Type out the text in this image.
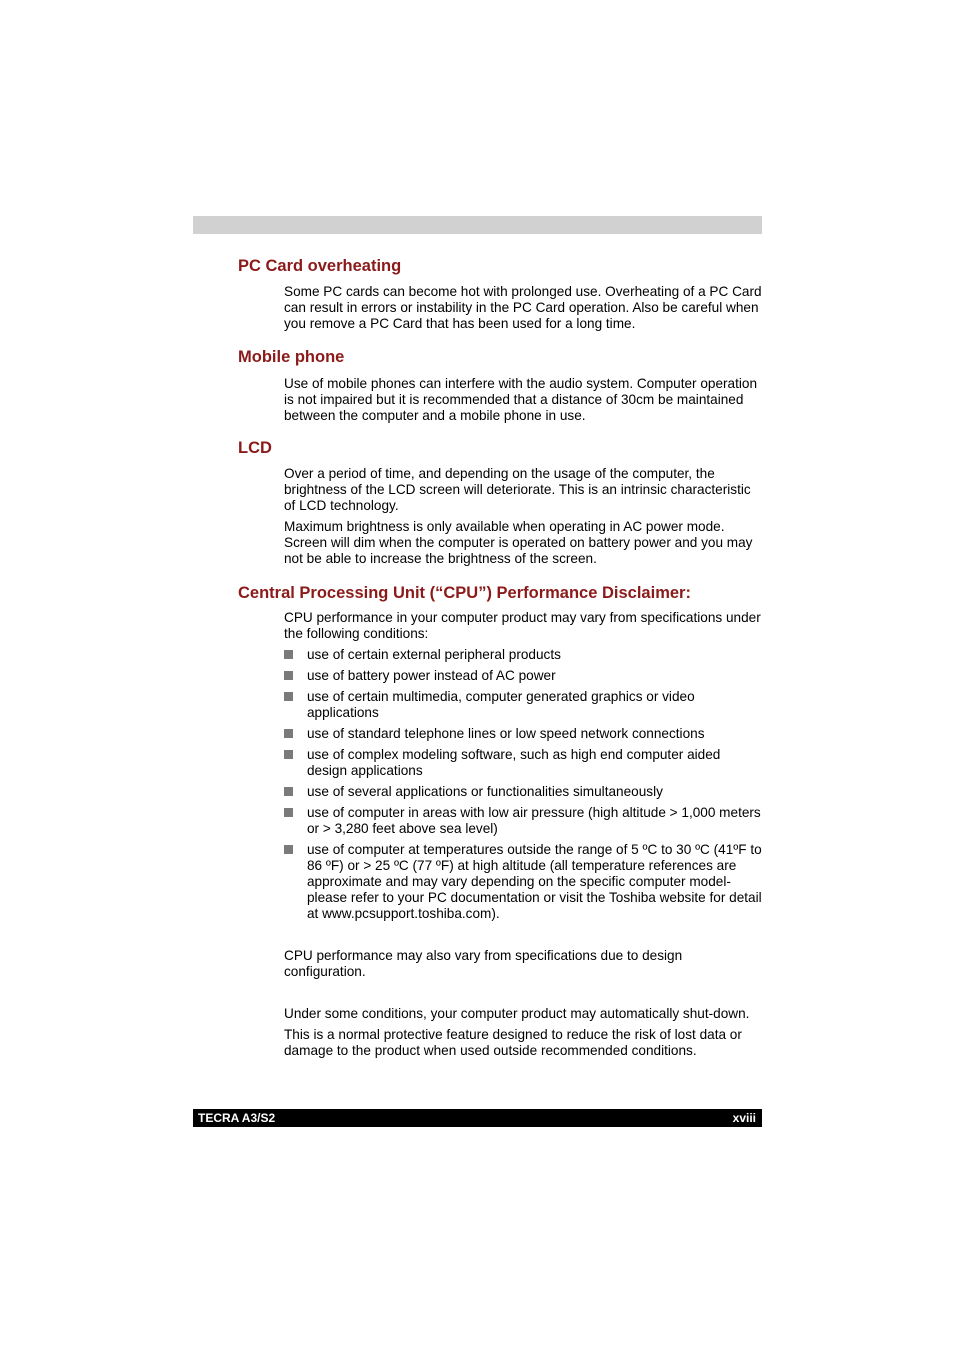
PC Card overheating

Some PC cards can become hot with prolonged use. Overheating of a PC Card can result in errors or instability in the PC Card operation. Also be careful when you remove a PC Card that has been used for a long time.

Mobile phone

Use of mobile phones can interfere with the audio system. Computer operation is not impaired but it is recommended that a distance of 30cm be maintained between the computer and a mobile phone in use.

LCD

Over a period of time, and depending on the usage of the computer, the brightness of the LCD screen will deteriorate. This is an intrinsic characteristic of LCD technology.

Maximum brightness is only available when operating in AC power mode. Screen will dim when the computer is operated on battery power and you may not be able to increase the brightness of the screen.

Central Processing Unit (“CPU”) Performance Disclaimer:

CPU performance in your computer product may vary from specifications under the following conditions:

use of certain external peripheral products
use of battery power instead of AC power
use of certain multimedia, computer generated graphics or video applications
use of standard telephone lines or low speed network connections
use of complex modeling software, such as high end computer aided design applications
use of several applications or functionalities simultaneously
use of computer in areas with low air pressure (high altitude > 1,000 meters or > 3,280 feet above sea level)
use of computer at temperatures outside the range of 5 ºC to 30 ºC (41ºF to 86 ºF) or > 25 ºC (77 ºF) at high altitude (all temperature references are approximate and may vary depending on the specific computer model-please refer to your PC documentation or visit the Toshiba website for detail at www.pcsupport.toshiba.com).

CPU performance may also vary from specifications due to design configuration.

Under some conditions, your computer product may automatically shut-down.

This is a normal protective feature designed to reduce the risk of lost data or damage to the product when used outside recommended conditions.

TECRA A3/S2	xviii
